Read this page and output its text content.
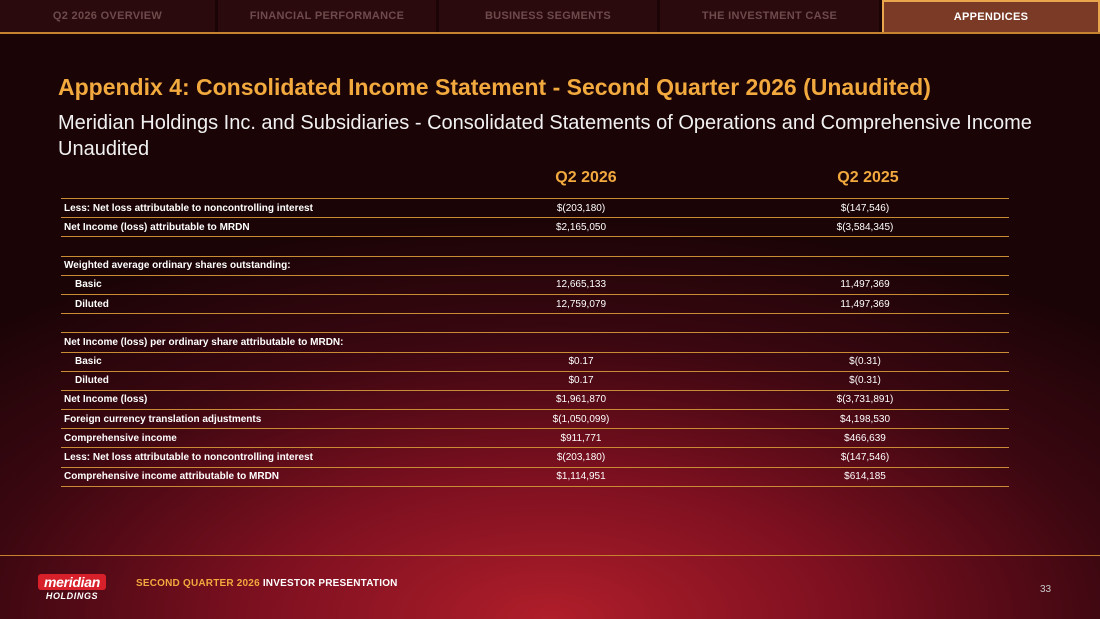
Q2 2026 OVERVIEW	FINANCIAL PERFORMANCE	BUSINESS SEGMENTS	THE INVESTMENT CASE	APPENDICES
Appendix 4: Consolidated Income Statement - Second Quarter 2026 (Unaudited)

Meridian Holdings Inc. and Subsidiaries - Consolidated Statements of Operations and Comprehensive Income Unaudited

Q2 2026	Q2 2025
Less: Net loss attributable to noncontrolling interest	$(203,180)	$(147,546)
Net Income (loss) attributable to MRDN	$2,165,050	$(3,584,345)
Weighted average ordinary shares outstanding:
Basic	12,665,133	11,497,369
Diluted	12,759,079	11,497,369
Net Income (loss) per ordinary share attributable to MRDN:
Basic	$0.17	$(0.31)
Diluted	$0.17	$(0.31)
Net Income (loss)	$1,961,870	$(3,731,891)
Foreign currency translation adjustments	$(1,050,099)	$4,198,530
Comprehensive income	$911,771	$466,639
Less: Net loss attributable to noncontrolling interest	$(203,180)	$(147,546)
Comprehensive income attributable to MRDN	$1,114,951	$614,185
meridian
HOLDINGS
SECOND QUARTER 2026 INVESTOR PRESENTATION
33
